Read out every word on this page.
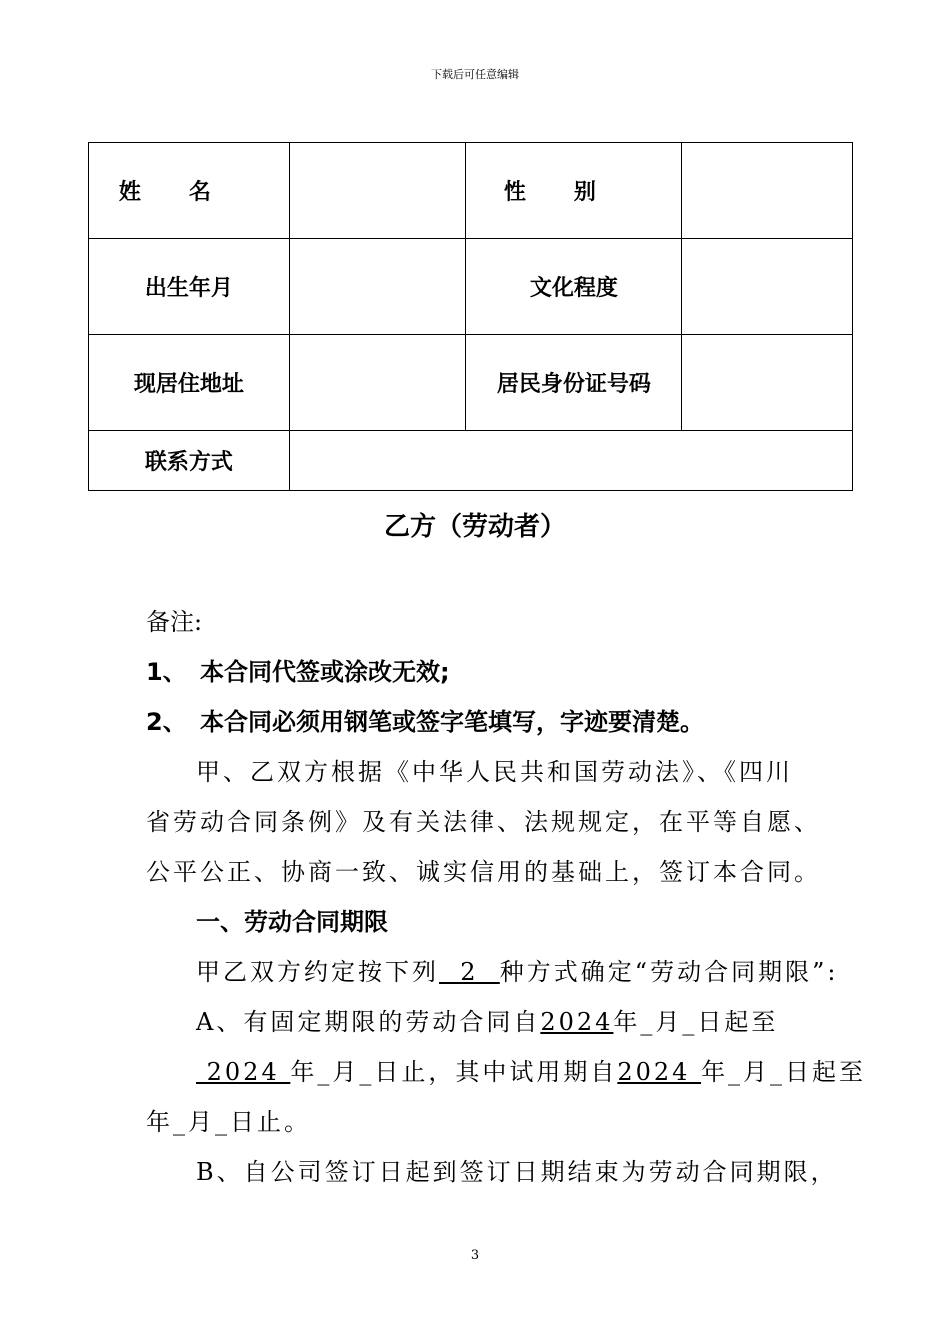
下载后可任意编辑
姓名		性别	
出生年月		文化程度	
现居住地址		居民身份证号码	
联系方式			
乙方（劳动者）
备注:
1、 本合同代签或涂改无效;
2、 本合同必须用钢笔或签字笔填写，字迹要清楚。
甲、乙双方根据《中华人民共和国劳动法》、《四川
省劳动合同条例》及有关法律、法规规定，在平等自愿、
公平公正、协商一致、诚实信用的基础上，签订本合同。
一、劳动合同期限
甲乙双方约定按下列  2  种方式确定“劳动合同期限”:
A、有固定期限的劳动合同自2024年_月_日起至
2024 年_月_日止，其中试用期自2024 年_月_日起至
年_月_日止。
B、自公司签订日起到签订日期结束为劳动合同期限，
3
